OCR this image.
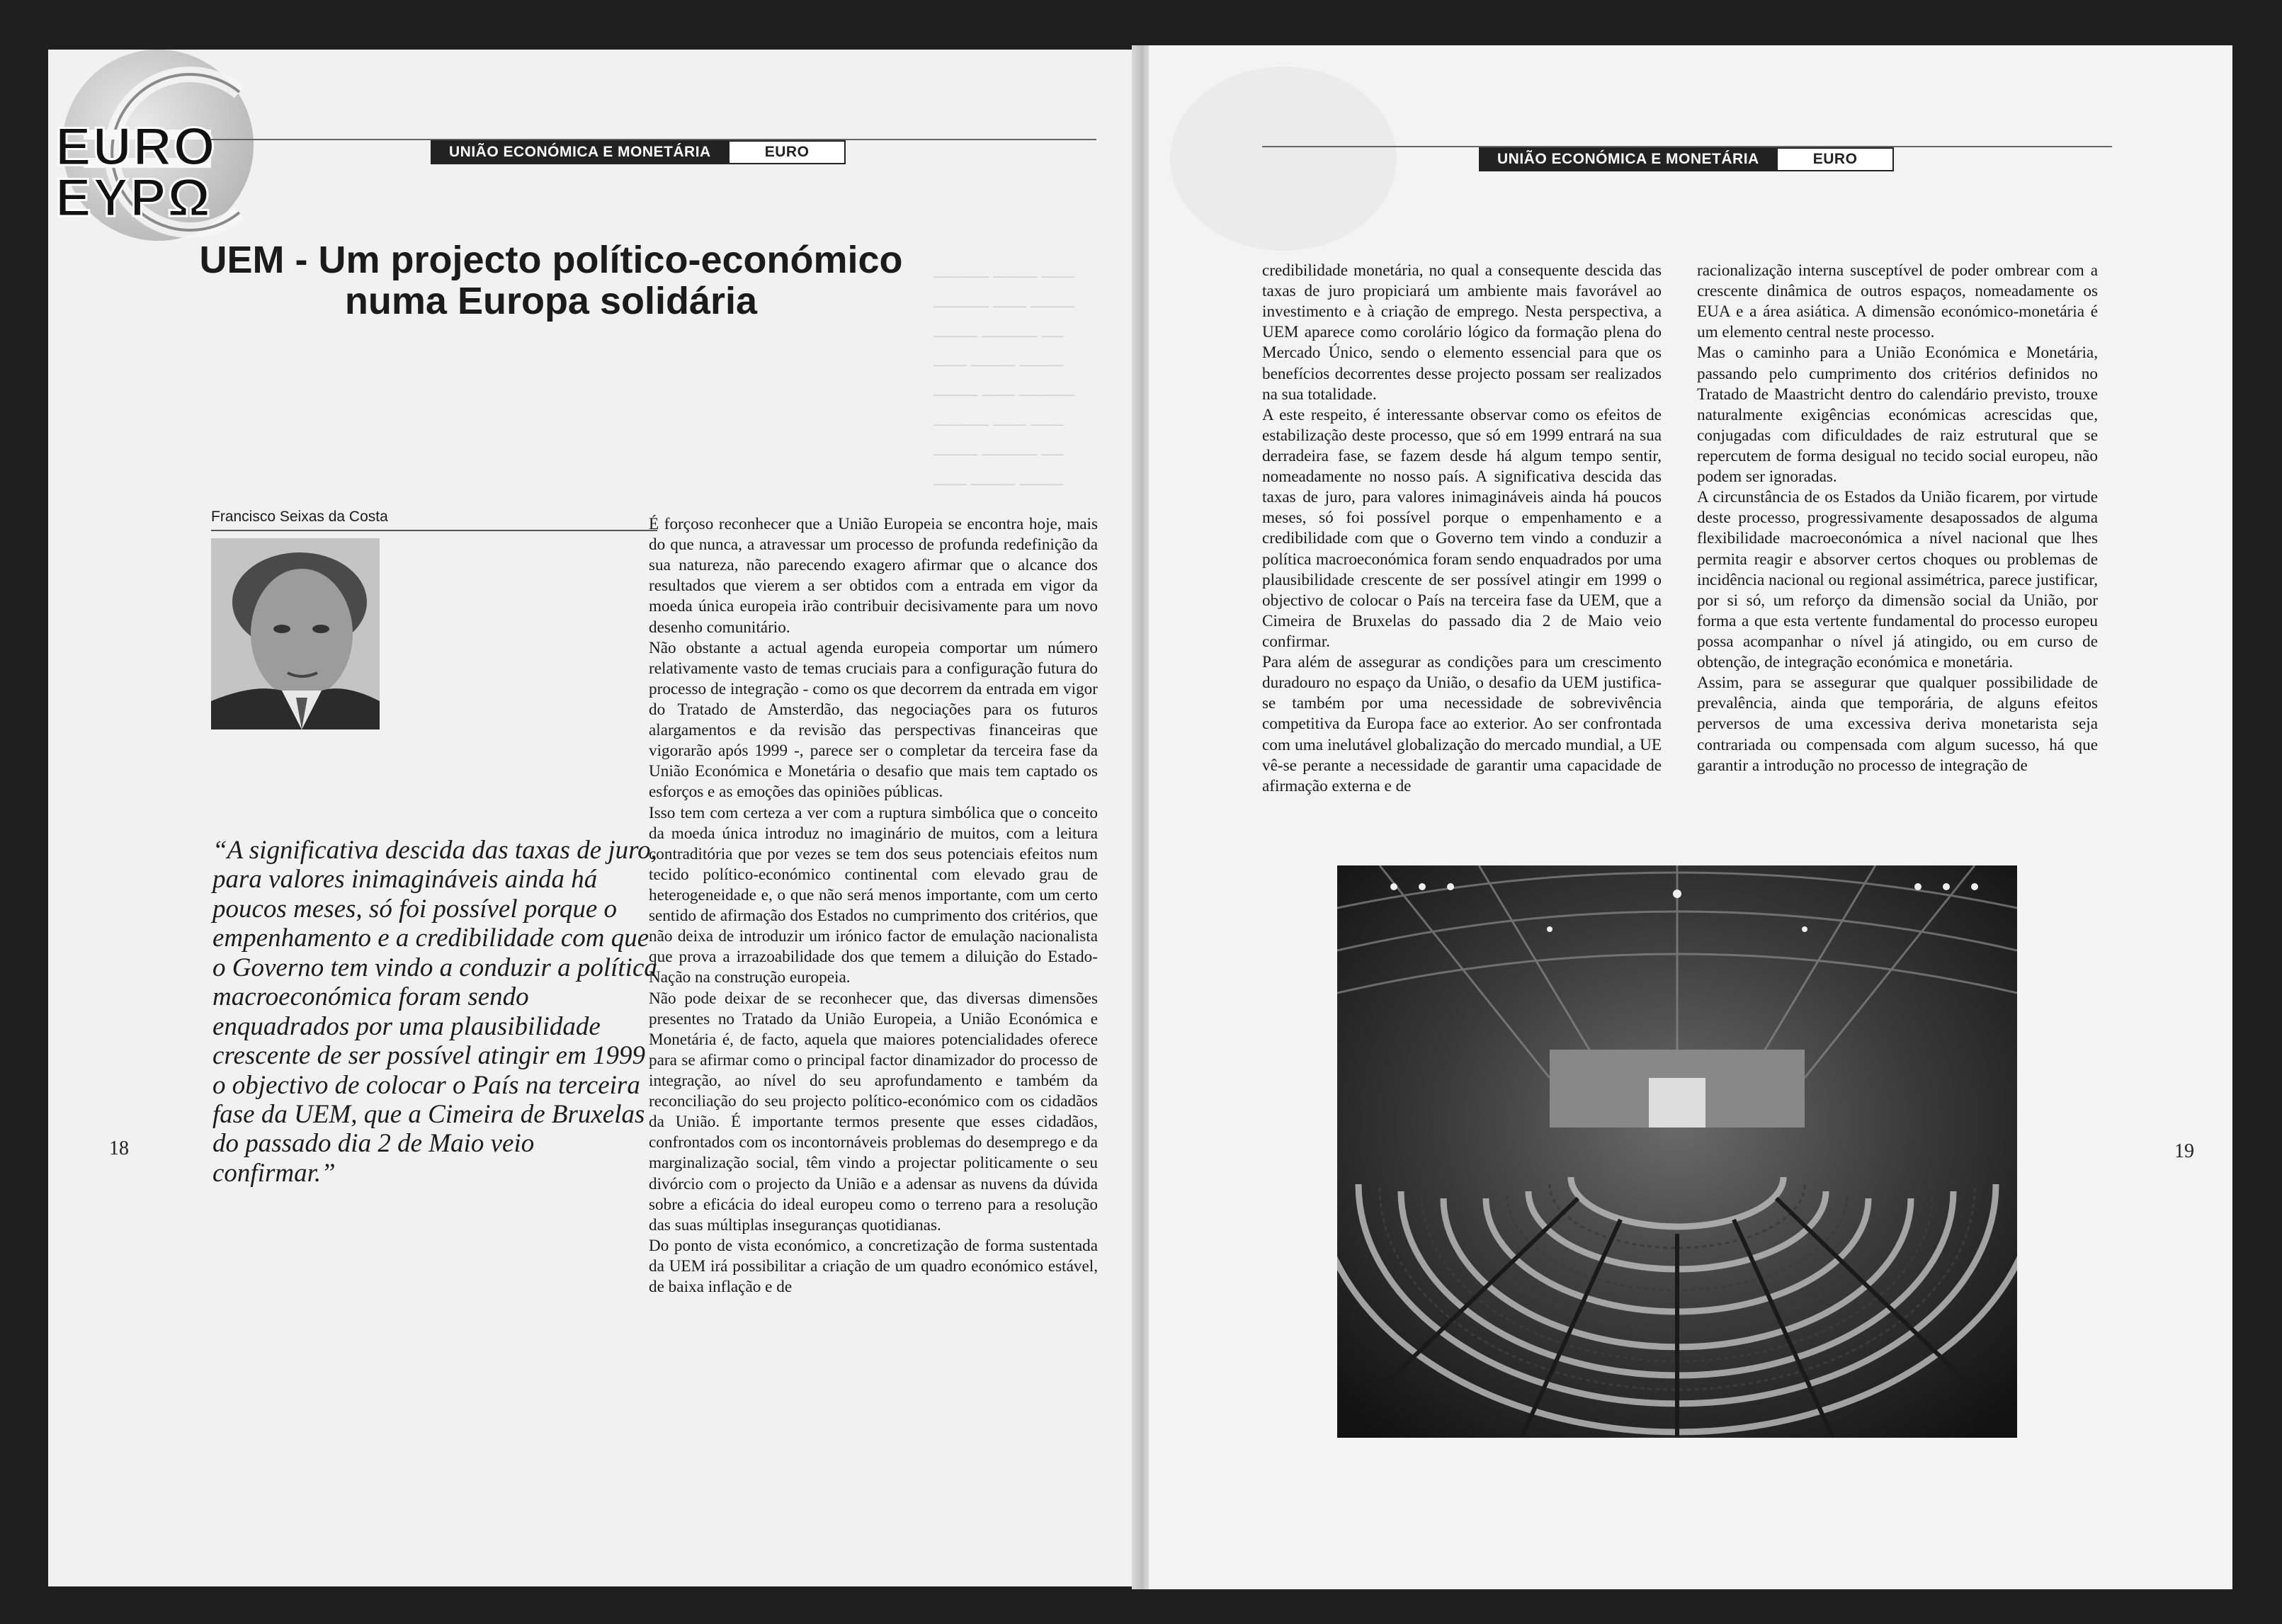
EURO
EYPΩ
UNIÃO ECONÓMICA E MONETÁRIA	EURO
───── ──── ───
───── ─── ────
──── ───── ──
─── ──── ────
──── ─── ─────
───── ─── ───
──── ───── ──
─── ──── ────
UEM - Um projecto político-económico
numa Europa solidária
Francisco Seixas da Costa
“A significativa descida das taxas de juro, para valores inimagináveis ainda há poucos meses, só foi possível porque o empenhamento e a credibilidade com que o Governo tem vindo a conduzir a política macroeconómica foram sendo enquadrados por uma plausibilidade crescente de ser possível atingir em 1999 o objectivo de colocar o País na terceira fase da UEM, que a Cimeira de Bruxelas do passado dia 2 de Maio veio confirmar.”
18

É forçoso reconhecer que a União Europeia se encontra hoje, mais do que nunca, a atravessar um processo de profunda redefinição da sua natureza, não parecendo exagero afirmar que o alcance dos resultados que vierem a ser obtidos com a entrada em vigor da moeda única europeia irão contribuir decisivamente para um novo desenho comunitário.

Não obstante a actual agenda europeia comportar um número relativamente vasto de temas cruciais para a configuração futura do processo de integração - como os que decorrem da entrada em vigor do Tratado de Amsterdão, das negociações para os futuros alargamentos e da revisão das perspectivas financeiras que vigorarão após 1999 -, parece ser o completar da terceira fase da União Económica e Monetária o desafio que mais tem captado os esforços e as emoções das opiniões públicas.

Isso tem com certeza a ver com a ruptura simbólica que o conceito da moeda única introduz no imaginário de muitos, com a leitura contraditória que por vezes se tem dos seus potenciais efeitos num tecido político-económico continental com elevado grau de heterogeneidade e, o que não será menos importante, com um certo sentido de afirmação dos Estados no cumprimento dos critérios, que não deixa de introduzir um irónico factor de emulação nacionalista que prova a irrazoabilidade dos que temem a diluição do Estado-Nação na construção europeia.

Não pode deixar de se reconhecer que, das diversas dimensões presentes no Tratado da União Europeia, a União Económica e Monetária é, de facto, aquela que maiores potencialidades oferece para se afirmar como o principal factor dinamizador do processo de integração, ao nível do seu aprofundamento e também da reconciliação do seu projecto político-económico com os cidadãos da União. É importante termos presente que esses cidadãos, confrontados com os incontornáveis problemas do desemprego e da marginalização social, têm vindo a projectar politicamente o seu divórcio com o projecto da União e a adensar as nuvens da dúvida sobre a eficácia do ideal europeu como o terreno para a resolução das suas múltiplas inseguranças quotidianas.

Do ponto de vista económico, a concretização de forma sustentada da UEM irá possibilitar a criação de um quadro económico estável, de baixa inflação e de

UNIÃO ECONÓMICA E MONETÁRIA	EURO

credibilidade monetária, no qual a consequente descida das taxas de juro propiciará um ambiente mais favorável ao investimento e à criação de emprego. Nesta perspectiva, a UEM aparece como corolário lógico da formação plena do Mercado Único, sendo o elemento essencial para que os benefícios decorrentes desse projecto possam ser realizados na sua totalidade.

A este respeito, é interessante observar como os efeitos de estabilização deste processo, que só em 1999 entrará na sua derradeira fase, se fazem desde há algum tempo sentir, nomeadamente no nosso país. A significativa descida das taxas de juro, para valores inimagináveis ainda há poucos meses, só foi possível porque o empenhamento e a credibilidade com que o Governo tem vindo a conduzir a política macroeconómica foram sendo enquadrados por uma plausibilidade crescente de ser possível atingir em 1999 o objectivo de colocar o País na terceira fase da UEM, que a Cimeira de Bruxelas do passado dia 2 de Maio veio confirmar.

Para além de assegurar as condições para um crescimento duradouro no espaço da União, o desafio da UEM justifica-se também por uma necessidade de sobrevivência competitiva da Europa face ao exterior. Ao ser confrontada com uma inelutável globalização do mercado mundial, a UE vê-se perante a necessidade de garantir uma capacidade de afirmação externa e de

racionalização interna susceptível de poder ombrear com a crescente dinâmica de outros espaços, nomeadamente os EUA e a área asiática. A dimensão económico-monetária é um elemento central neste processo.

Mas o caminho para a União Económica e Monetária, passando pelo cumprimento dos critérios definidos no Tratado de Maastricht dentro do calendário previsto, trouxe naturalmente exigências económicas acrescidas que, conjugadas com dificuldades de raiz estrutural que se repercutem de forma desigual no tecido social europeu, não podem ser ignoradas.

A circunstância de os Estados da União ficarem, por virtude deste processo, progressivamente desapossados de alguma flexibilidade macroeconómica a nível nacional que lhes permita reagir e absorver certos choques ou problemas de incidência nacional ou regional assimétrica, parece justificar, por si só, um reforço da dimensão social da União, por forma a que esta vertente fundamental do processo europeu possa acompanhar o nível já atingido, ou em curso de obtenção, de integração económica e monetária.

Assim, para se assegurar que qualquer possibilidade de prevalência, ainda que temporária, de alguns efeitos perversos de uma excessiva deriva monetarista seja contrariada ou compensada com algum sucesso, há que garantir a introdução no processo de integração de

19
